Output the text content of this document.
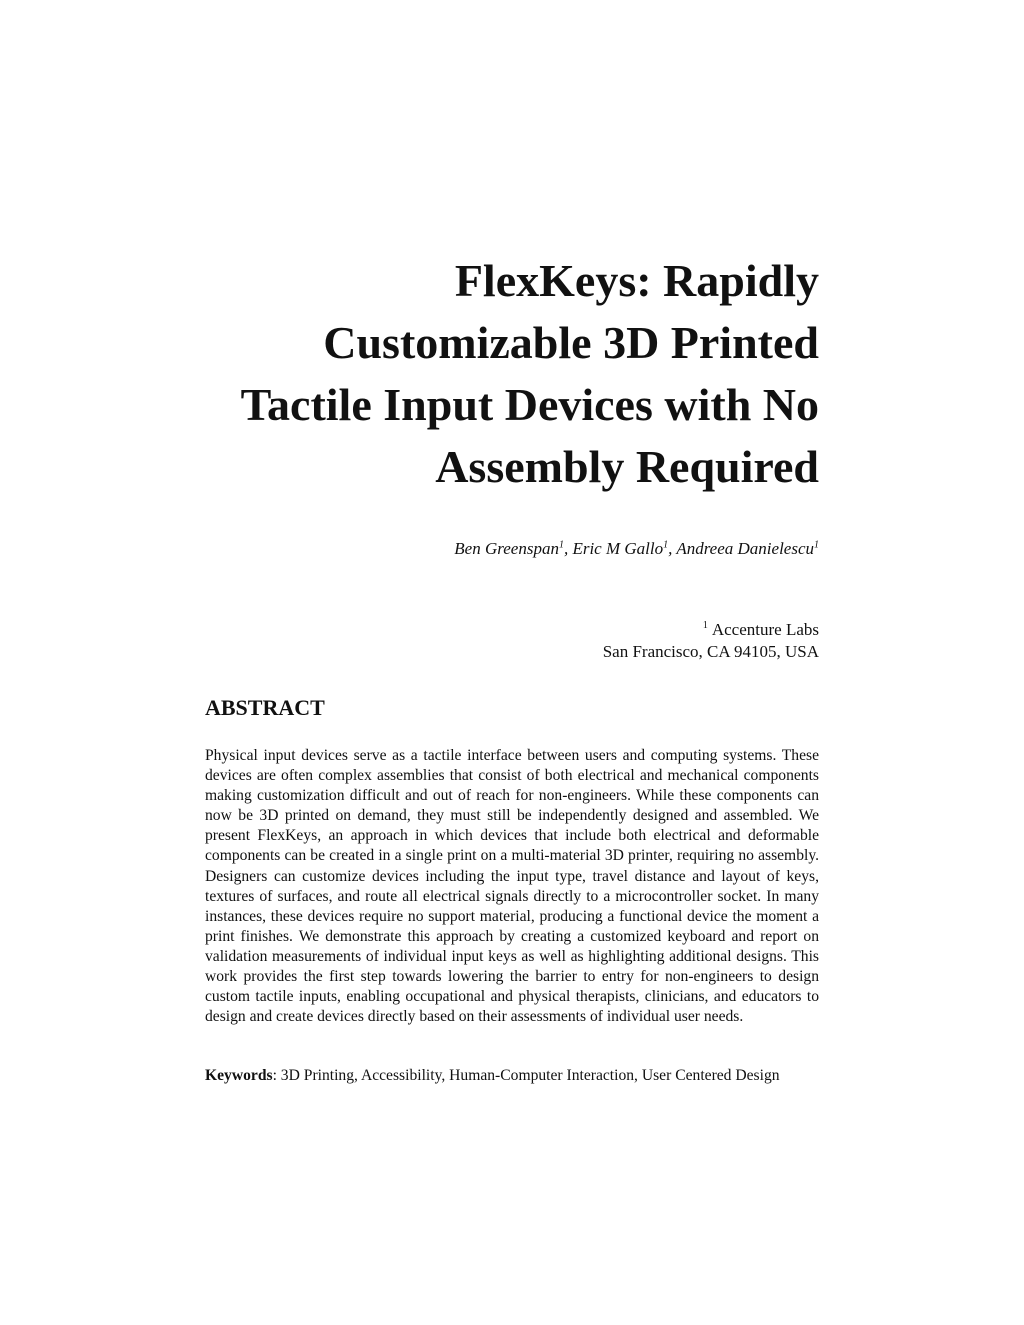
FlexKeys: Rapidly
Customizable 3D Printed
Tactile Input Devices with No
Assembly Required
Ben Greenspan$^1$, Eric M Gallo$^1$, Andreea Danielescu$^1$
$^1$ Accenture Labs
San Francisco, CA 94105, USA
ABSTRACT

Physical input devices serve as a tactile interface between users and computing systems. These devices are often complex assemblies that consist of both electrical and mechanical components making customization difficult and out of reach for non-engineers. While these components can now be 3D printed on demand, they must still be independently designed and assembled. We present FlexKeys, an approach in which devices that include both electrical and deformable components can be created in a single print on a multi-material 3D printer, requiring no assembly. Designers can customize devices including the input type, travel distance and layout of keys, textures of surfaces, and route all electrical signals directly to a microcontroller socket. In many instances, these devices require no support material, producing a functional device the moment a print finishes. We demonstrate this approach by creating a customized keyboard and report on validation measurements of individual input keys as well as highlighting additional designs. This work provides the first step towards lowering the barrier to entry for non-engineers to design custom tactile inputs, enabling occupational and physical therapists, clinicians, and educators to design and create devices directly based on their assessments of individual user needs.

Keywords: 3D Printing, Accessibility, Human-Computer Interaction, User Centered Design
